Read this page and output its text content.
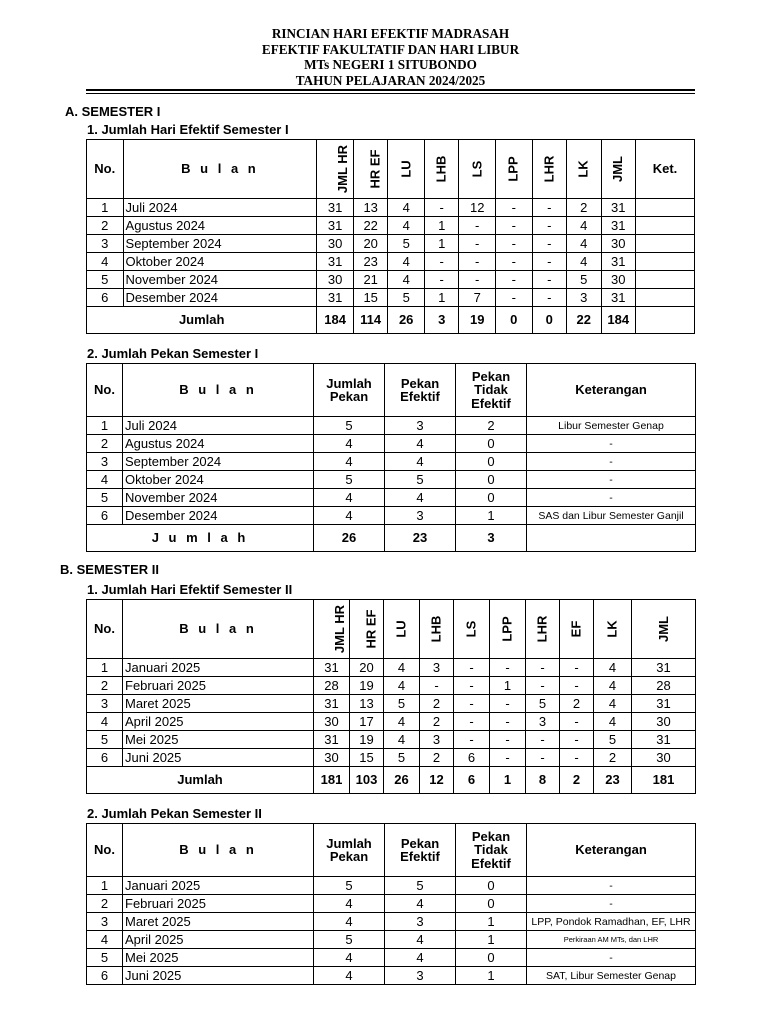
RINCIAN HARI EFEKTIF MADRASAH
EFEKTIF FAKULTATIF DAN HARI LIBUR
MTs NEGERI 1 SITUBONDO
TAHUN PELAJARAN 2024/2025
A. SEMESTER I
1. Jumlah Hari Efektif Semester I
No.	B u l a n	JML HR	HR EF	LU	LHB	LS	LPP	LHR	LK	JML	Ket.
1	Juli 2024	31	13	4	-	12	-	-	2	31	
2	Agustus 2024	31	22	4	1	-	-	-	4	31	
3	September 2024	30	20	5	1	-	-	-	4	30	
4	Oktober 2024	31	23	4	-	-	-	-	4	31	
5	November 2024	30	21	4	-	-	-	-	5	30	
6	Desember 2024	31	15	5	1	7	-	-	3	31	
Jumlah		184	114	26	3	19	0	0	22	184	
2. Jumlah Pekan Semester I
No.	B u l a n	Jumlah Pekan	Pekan Efektif	Pekan Tidak Efektif	Keterangan
1	Juli 2024	5	3	2	Libur Semester Genap
2	Agustus 2024	4	4	0	-
3	September 2024	4	4	0	-
4	Oktober 2024	5	5	0	-
5	November 2024	4	4	0	-
6	Desember 2024	4	3	1	SAS dan Libur Semester Ganjil
J u m l a h		26	23	3	
B. SEMESTER II
1. Jumlah Hari Efektif Semester II
No.	B u l a n	JML HR	HR EF	LU	LHB	LS	LPP	LHR	EF	LK	JML
1	Januari 2025	31	20	4	3	-	-	-	-	4	31
2	Februari 2025	28	19	4	-	-	1	-	-	4	28
3	Maret 2025	31	13	5	2	-	-	5	2	4	31
4	April 2025	30	17	4	2	-	-	3	-	4	30
5	Mei 2025	31	19	4	3	-	-	-	-	5	31
6	Juni 2025	30	15	5	2	6	-	-	-	2	30
Jumlah		181	103	26	12	6	1	8	2	23	181
2. Jumlah Pekan Semester II
No.	B u l a n	Jumlah Pekan	Pekan Efektif	Pekan Tidak Efektif	Keterangan
1	Januari 2025	5	5	0	-
2	Februari 2025	4	4	0	-
3	Maret 2025	4	3	1	LPP, Pondok Ramadhan, EF, LHR
4	April 2025	5	4	1	Perkiraan AM MTs, dan LHR
5	Mei 2025	4	4	0	-
6	Juni 2025	4	3	1	SAT, Libur Semester Genap
